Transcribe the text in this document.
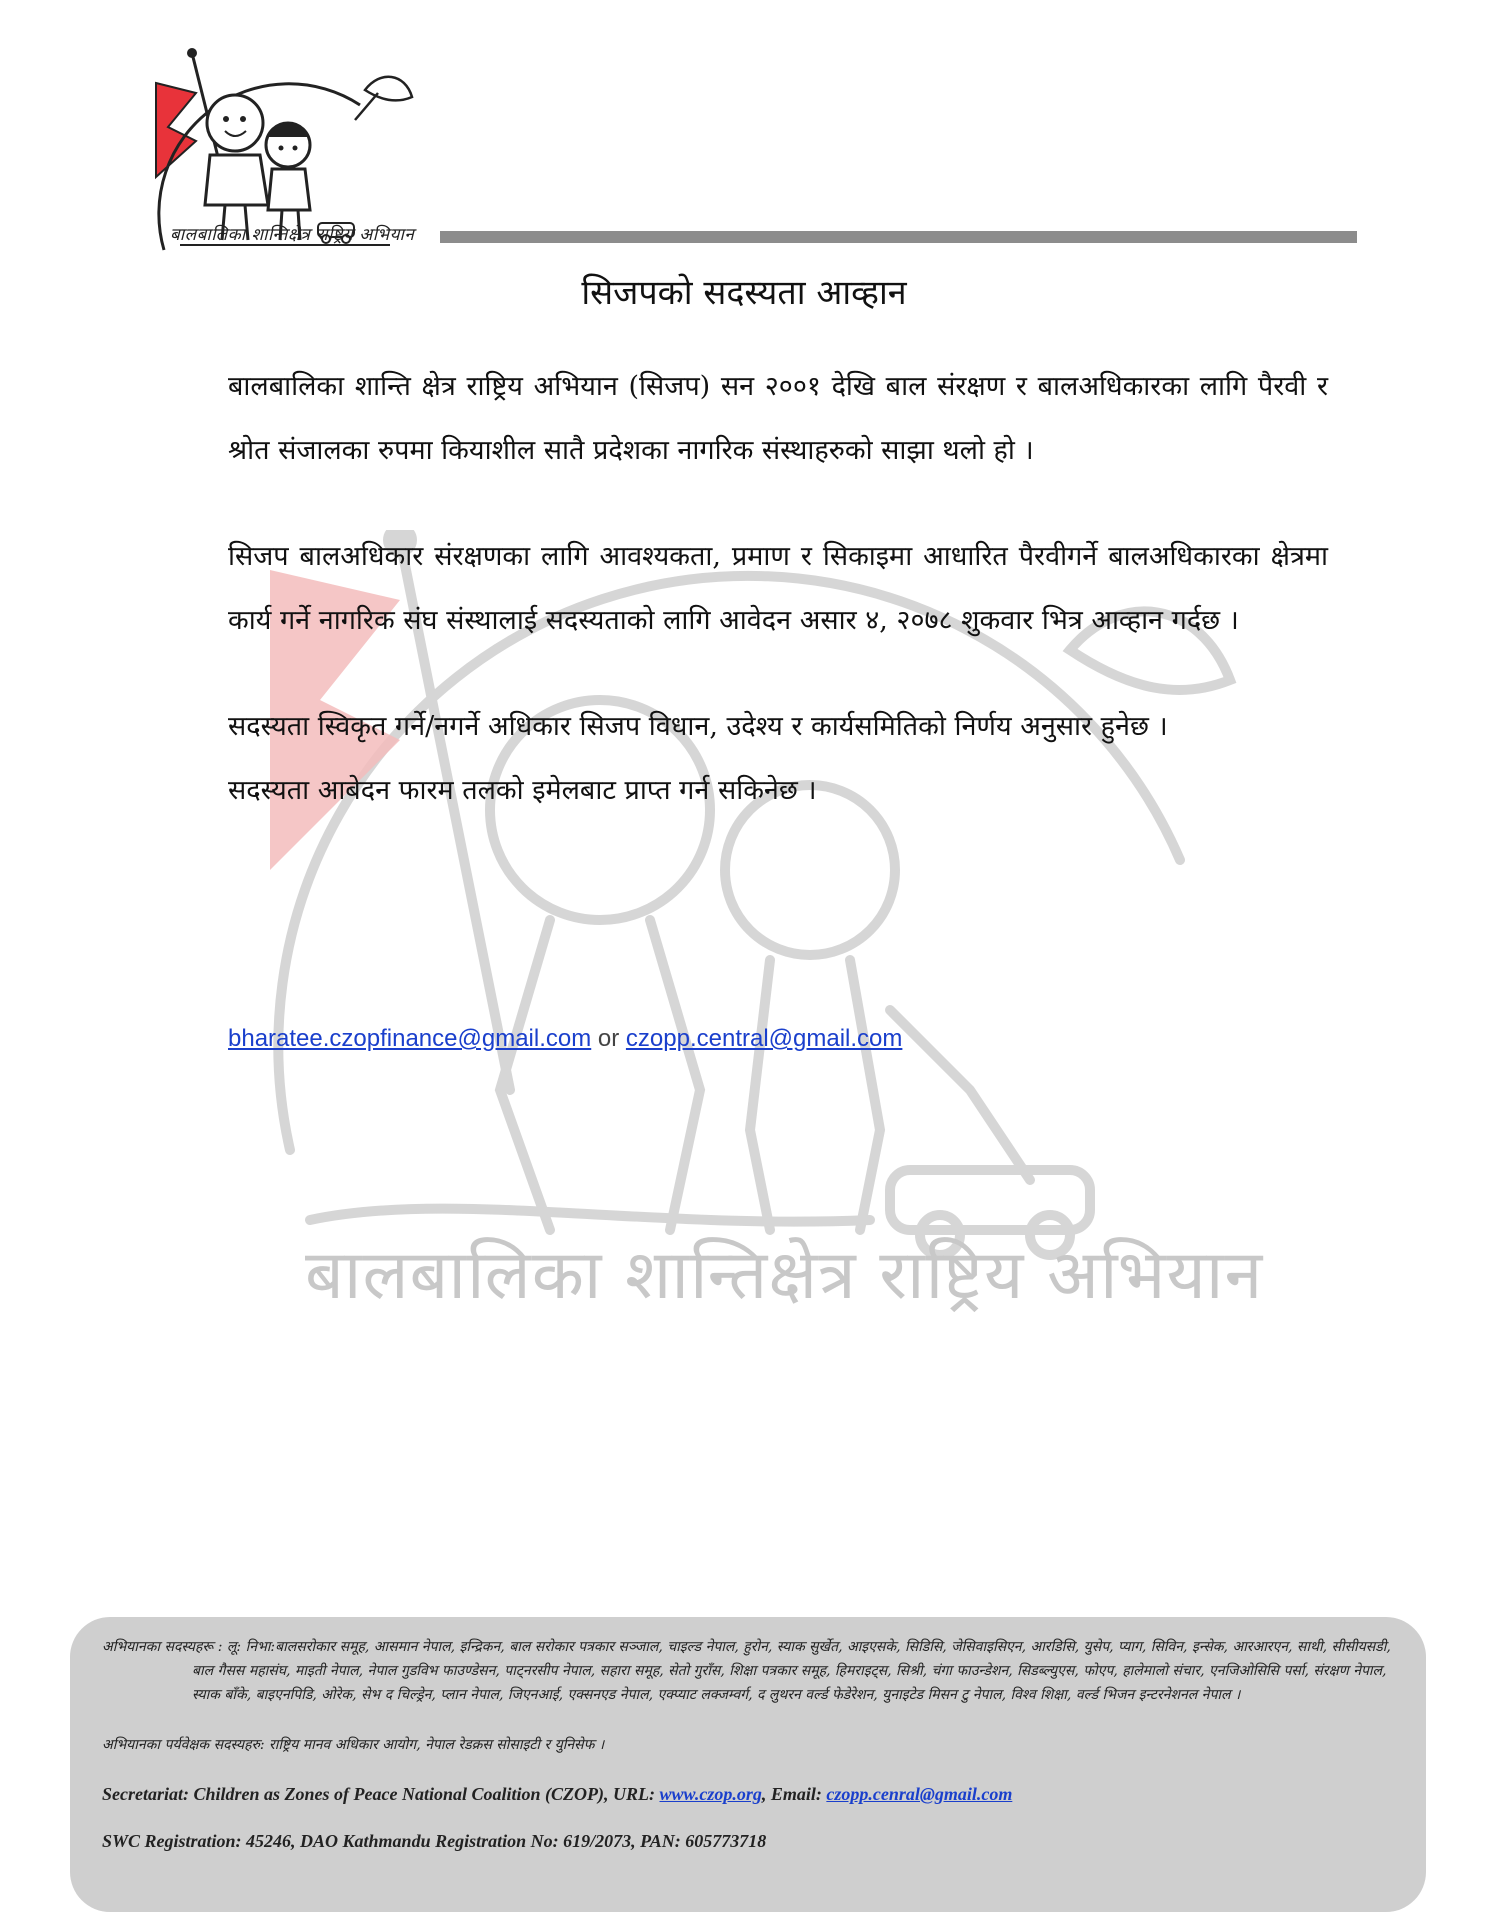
बालबालिका शान्तिक्षेत्र राष्ट्रिय अभियान
बालबालिका शान्तिक्षेत्र राष्ट्रिय अभियान
सिजपको सदस्यता आव्हान

बालबालिका शान्ति क्षेत्र राष्ट्रिय अभियान (सिजप) सन २००१ देखि बाल संरक्षण र बालअधिकारका लागि पैरवी र श्रोत संजालका रुपमा कियाशील सातै प्रदेशका नागरिक संस्थाहरुको साझा थलो हो ।

सिजप बालअधिकार संरक्षणका लागि आवश्यकता, प्रमाण र सिकाइमा आधारित पैरवीगर्ने बालअधिकारका क्षेत्रमा कार्य गर्ने नागरिक संघ संस्थालाई सदस्यताको लागि आवेदन असार ४, २०७८ शुकवार भित्र आव्हान गर्दछ ।

सदस्यता स्विकृत गर्ने/नगर्ने अधिकार सिजप विधान, उदेश्य र कार्यसमितिको निर्णय अनुसार हुनेछ ।

सदस्यता आबेदन फारम तलको इमेलबाट प्राप्त गर्न सकिनेछ ।

bharatee.czopfinance@gmail.com or czopp.central@gmail.com

अभियानका सदस्यहरू : लू: निभा:बालसरोकार समूह, आसमान नेपाल, इन्द्रिकन, बाल सरोकार पत्रकार सञ्जाल, चाइल्ड नेपाल, हुरोन, स्याक सुर्खेत, आइएसके, सिडिसि, जेसिवाइसिएन, आरडिसि, युसेप, प्याग, सिविन, इन्सेक, आरआरएन, साथी, सीसीयसडी, बाल गैसस महासंघ, माइती नेपाल, नेपाल गुडविभ फाउण्डेसन, पाट्नरसीप नेपाल, सहारा समूह, सेतो गुराँस, शिक्षा पत्रकार समूह, हिमराइट्स, सिश्री, चंगा फाउन्डेशन, सिडब्ल्युएस, फोएप, हालेमालो संचार, एनजिओसिसि पर्सा, संरक्षण नेपाल, स्याक बाँके, बाइएनपिडि, ओरेक, सेभ द चिल्ड्रेन, प्लान नेपाल, जिएनआई, एक्सनएड नेपाल, एक्प्याट लक्जम्वर्ग, द लुथरन वर्ल्ड फेडेरेशन, युनाइटेड मिसन टु नेपाल, विश्व शिक्षा, वर्ल्ड भिजन इन्टरनेशनल नेपाल ।

अभियानका पर्यवेक्षक सदस्यहरु: राष्ट्रिय मानव अधिकार आयोग, नेपाल रेडक्रस सोसाइटी र युनिसेफ ।

Secretariat: Children as Zones of Peace National Coalition (CZOP), URL: www.czop.org, Email: czopp.cenral@gmail.com

SWC Registration: 45246, DAO Kathmandu Registration No: 619/2073, PAN: 605773718
